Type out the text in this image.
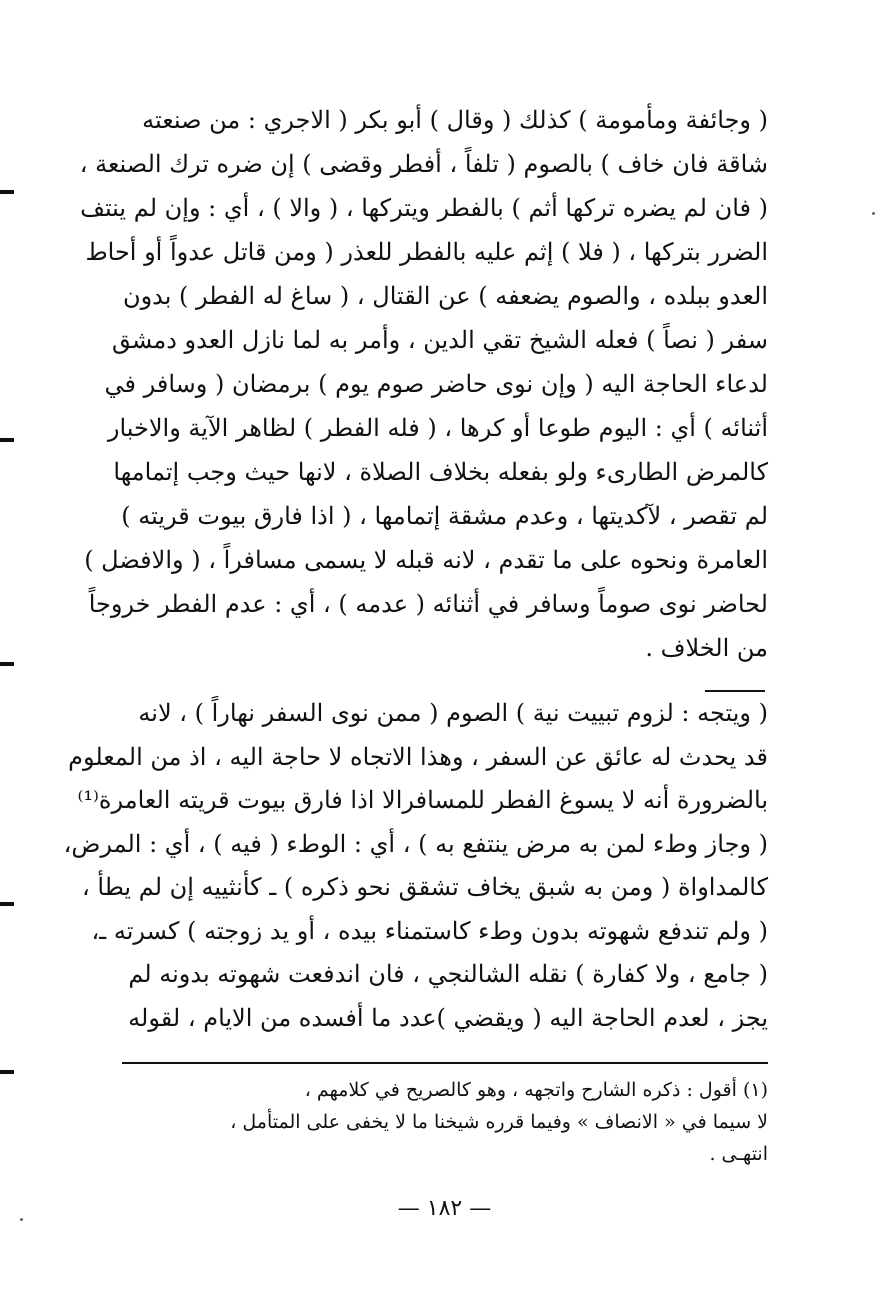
( وجائفة ومأمومة ) كذلك ( وقال ) أبو بكر ( الاجري : من صنعته
شاقة فان خاف ) بالصوم ( تلفاً ، أفطر وقضى ) إن ضره ترك الصنعة ،
( فان لم يضره تركها أثم ) بالفطر ويتركها ، ( والا ) ، أي : وإن لم ينتف
الضرر بتركها ، ( فلا ) إثم عليه بالفطر للعذر ( ومن قاتل عدواً أو أحاط
العدو ببلده ، والصوم يضعفه ) عن القتال ، ( ساغ له الفطر ) بدون
سفر ( نصاً ) فعله الشيخ تقي الدين ، وأمر به لما نازل العدو دمشق
لدعاء الحاجة اليه ( وإن نوى حاضر صوم يوم ) برمضان ( وسافر في
أثنائه ) أي : اليوم طوعا أو كرها ، ( فله الفطر ) لظاهر الآية والاخبار
كالمرض الطارىء ولو بفعله بخلاف الصلاة ، لانها حيث وجب إتمامها
لم تقصر ، لآكديتها ، وعدم مشقة إتمامها ، ( اذا فارق بيوت قريته )
العامرة ونحوه على ما تقدم ، لانه قبله لا يسمى مسافراً ، ( والافضل )
لحاضر نوى صوماً وسافر في أثنائه ( عدمه ) ، أي : عدم الفطر خروجاً
من الخلاف .
( ويتجه : لزوم تبييت نية ) الصوم ( ممن نوى السفر نهاراً ) ، لانه
قد يحدث له عائق عن السفر ، وهذا الاتجاه لا حاجة اليه ، اذ من المعلوم
بالضرورة أنه لا يسوغ الفطر للمسافرالا اذا فارق بيوت قريته العامرة⁽¹⁾
( وجاز وطء لمن به مرض ينتفع به ) ، أي : الوطء ( فيه ) ، أي : المرض،
كالمداواة ( ومن به شبق يخاف تشقق نحو ذكره ) ـ كأنثييه إن لم يطأ ،
( ولم تندفع شهوته بدون وطء كاستمناء بيده ، أو يد زوجته ) كسرته ـ،
( جامع ، ولا كفارة ) نقله الشالنجي ، فان اندفعت شهوته بدونه لم
يجز ، لعدم الحاجة اليه ( ويقضي )عدد ما أفسده من الايام ، لقوله
(١) أقول : ذكره الشارح واتجهه ، وهو كالصريح في كلامهم ،
لا سيما في « الانصاف » وفيما قرره شيخنا ما لا يخفى على المتأمل ،
انتهـى .
— ١٨٢ —
